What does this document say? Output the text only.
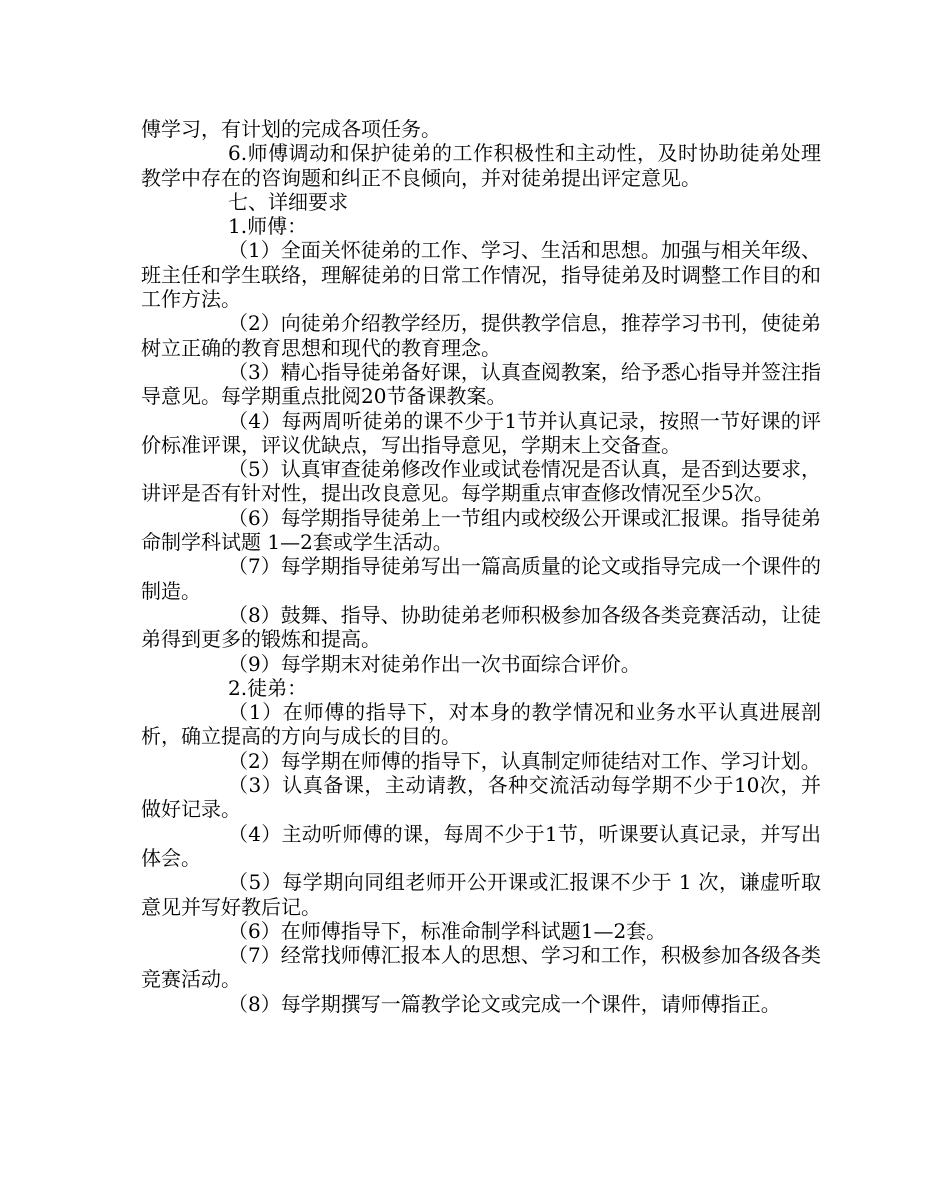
傅学习，有计划的完成各项任务。

6.师傅调动和保护徒弟的工作积极性和主动性，及时协助徒弟处理教学中存在的咨询题和纠正不良倾向，并对徒弟提出评定意见。

七、详细要求

1.师傅：

（1）全面关怀徒弟的工作、学习、生活和思想。加强与相关年级、班主任和学生联络，理解徒弟的日常工作情况，指导徒弟及时调整工作目的和工作方法。

（2）向徒弟介绍教学经历，提供教学信息，推荐学习书刊，使徒弟树立正确的教育思想和现代的教育理念。

（3）精心指导徒弟备好课，认真查阅教案，给予悉心指导并签注指导意见。每学期重点批阅20节备课教案。

（4）每两周听徒弟的课不少于1节并认真记录，按照一节好课的评价标准评课，评议优缺点，写出指导意见，学期末上交备查。

（5）认真审查徒弟修改作业或试卷情况是否认真，是否到达要求，讲评是否有针对性，提出改良意见。每学期重点审查修改情况至少5次。

（6）每学期指导徒弟上一节组内或校级公开课或汇报课。指导徒弟命制学科试题 1—2套或学生活动。

（7）每学期指导徒弟写出一篇高质量的论文或指导完成一个课件的制造。

（8）鼓舞、指导、协助徒弟老师积极参加各级各类竞赛活动，让徒弟得到更多的锻炼和提高。

（9）每学期末对徒弟作出一次书面综合评价。

2.徒弟：

（1）在师傅的指导下，对本身的教学情况和业务水平认真进展剖析，确立提高的方向与成长的目的。

（2）每学期在师傅的指导下，认真制定师徒结对工作、学习计划。

（3）认真备课，主动请教，各种交流活动每学期不少于10次，并做好记录。

（4）主动听师傅的课，每周不少于1节，听课要认真记录，并写出体会。

（5）每学期向同组老师开公开课或汇报课不少于 1 次，谦虚听取意见并写好教后记。

（6）在师傅指导下，标准命制学科试题1—2套。

（7）经常找师傅汇报本人的思想、学习和工作，积极参加各级各类竞赛活动。

（8）每学期撰写一篇教学论文或完成一个课件，请师傅指正。
